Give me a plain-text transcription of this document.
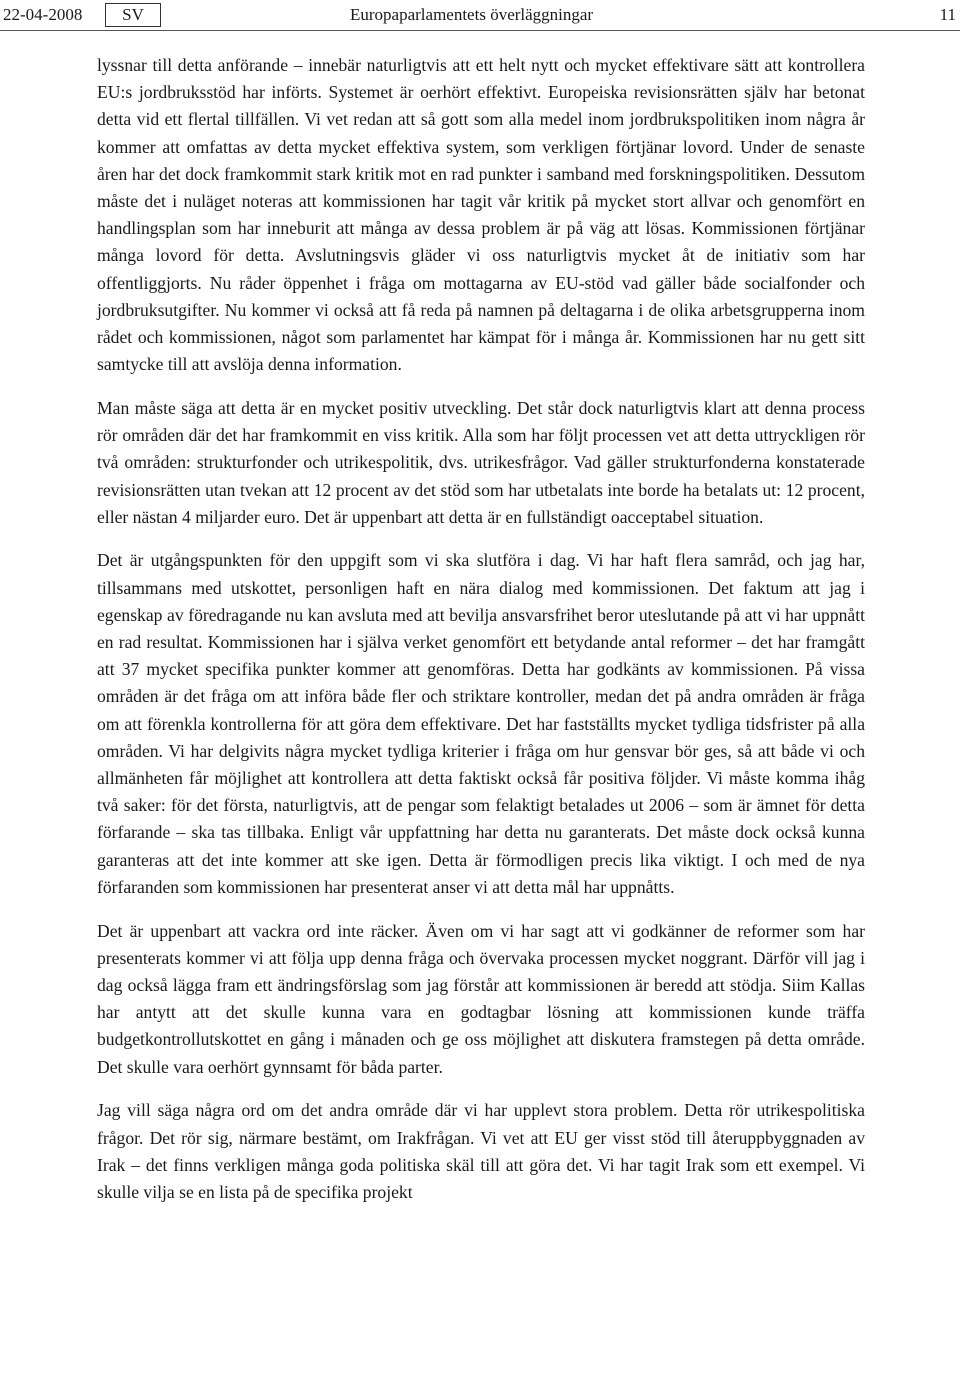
22-04-2008	SV	Europaparlamentets överläggningar	11

lyssnar till detta anförande – innebär naturligtvis att ett helt nytt och mycket effektivare sätt att kontrollera EU:s jordbruksstöd har införts. Systemet är oerhört effektivt. Europeiska revisionsrätten själv har betonat detta vid ett flertal tillfällen. Vi vet redan att så gott som alla medel inom jordbrukspolitiken inom några år kommer att omfattas av detta mycket effektiva system, som verkligen förtjänar lovord. Under de senaste åren har det dock framkommit stark kritik mot en rad punkter i samband med forskningspolitiken. Dessutom måste det i nuläget noteras att kommissionen har tagit vår kritik på mycket stort allvar och genomfört en handlingsplan som har inneburit att många av dessa problem är på väg att lösas. Kommissionen förtjänar många lovord för detta. Avslutningsvis gläder vi oss naturligtvis mycket åt de initiativ som har offentliggjorts. Nu råder öppenhet i fråga om mottagarna av EU-stöd vad gäller både socialfonder och jordbruksutgifter. Nu kommer vi också att få reda på namnen på deltagarna i de olika arbetsgrupperna inom rådet och kommissionen, något som parlamentet har kämpat för i många år. Kommissionen har nu gett sitt samtycke till att avslöja denna information.

Man måste säga att detta är en mycket positiv utveckling. Det står dock naturligtvis klart att denna process rör områden där det har framkommit en viss kritik. Alla som har följt processen vet att detta uttryckligen rör två områden: strukturfonder och utrikespolitik, dvs. utrikesfrågor. Vad gäller strukturfonderna konstaterade revisionsrätten utan tvekan att 12 procent av det stöd som har utbetalats inte borde ha betalats ut: 12 procent, eller nästan 4 miljarder euro. Det är uppenbart att detta är en fullständigt oacceptabel situation.

Det är utgångspunkten för den uppgift som vi ska slutföra i dag. Vi har haft flera samråd, och jag har, tillsammans med utskottet, personligen haft en nära dialog med kommissionen. Det faktum att jag i egenskap av föredragande nu kan avsluta med att bevilja ansvarsfrihet beror uteslutande på att vi har uppnått en rad resultat. Kommissionen har i själva verket genomfört ett betydande antal reformer – det har framgått att 37 mycket specifika punkter kommer att genomföras. Detta har godkänts av kommissionen. På vissa områden är det fråga om att införa både fler och striktare kontroller, medan det på andra områden är fråga om att förenkla kontrollerna för att göra dem effektivare. Det har fastställts mycket tydliga tidsfrister på alla områden. Vi har delgivits några mycket tydliga kriterier i fråga om hur gensvar bör ges, så att både vi och allmänheten får möjlighet att kontrollera att detta faktiskt också får positiva följder. Vi måste komma ihåg två saker: för det första, naturligtvis, att de pengar som felaktigt betalades ut 2006 – som är ämnet för detta förfarande – ska tas tillbaka. Enligt vår uppfattning har detta nu garanterats. Det måste dock också kunna garanteras att det inte kommer att ske igen. Detta är förmodligen precis lika viktigt. I och med de nya förfaranden som kommissionen har presenterat anser vi att detta mål har uppnåtts.

Det är uppenbart att vackra ord inte räcker. Även om vi har sagt att vi godkänner de reformer som har presenterats kommer vi att följa upp denna fråga och övervaka processen mycket noggrant. Därför vill jag i dag också lägga fram ett ändringsförslag som jag förstår att kommissionen är beredd att stödja. Siim Kallas har antytt att det skulle kunna vara en godtagbar lösning att kommissionen kunde träffa budgetkontrollutskottet en gång i månaden och ge oss möjlighet att diskutera framstegen på detta område. Det skulle vara oerhört gynnsamt för båda parter.

Jag vill säga några ord om det andra område där vi har upplevt stora problem. Detta rör utrikespolitiska frågor. Det rör sig, närmare bestämt, om Irakfrågan. Vi vet att EU ger visst stöd till återuppbyggnaden av Irak – det finns verkligen många goda politiska skäl till att göra det. Vi har tagit Irak som ett exempel. Vi skulle vilja se en lista på de specifika projekt
